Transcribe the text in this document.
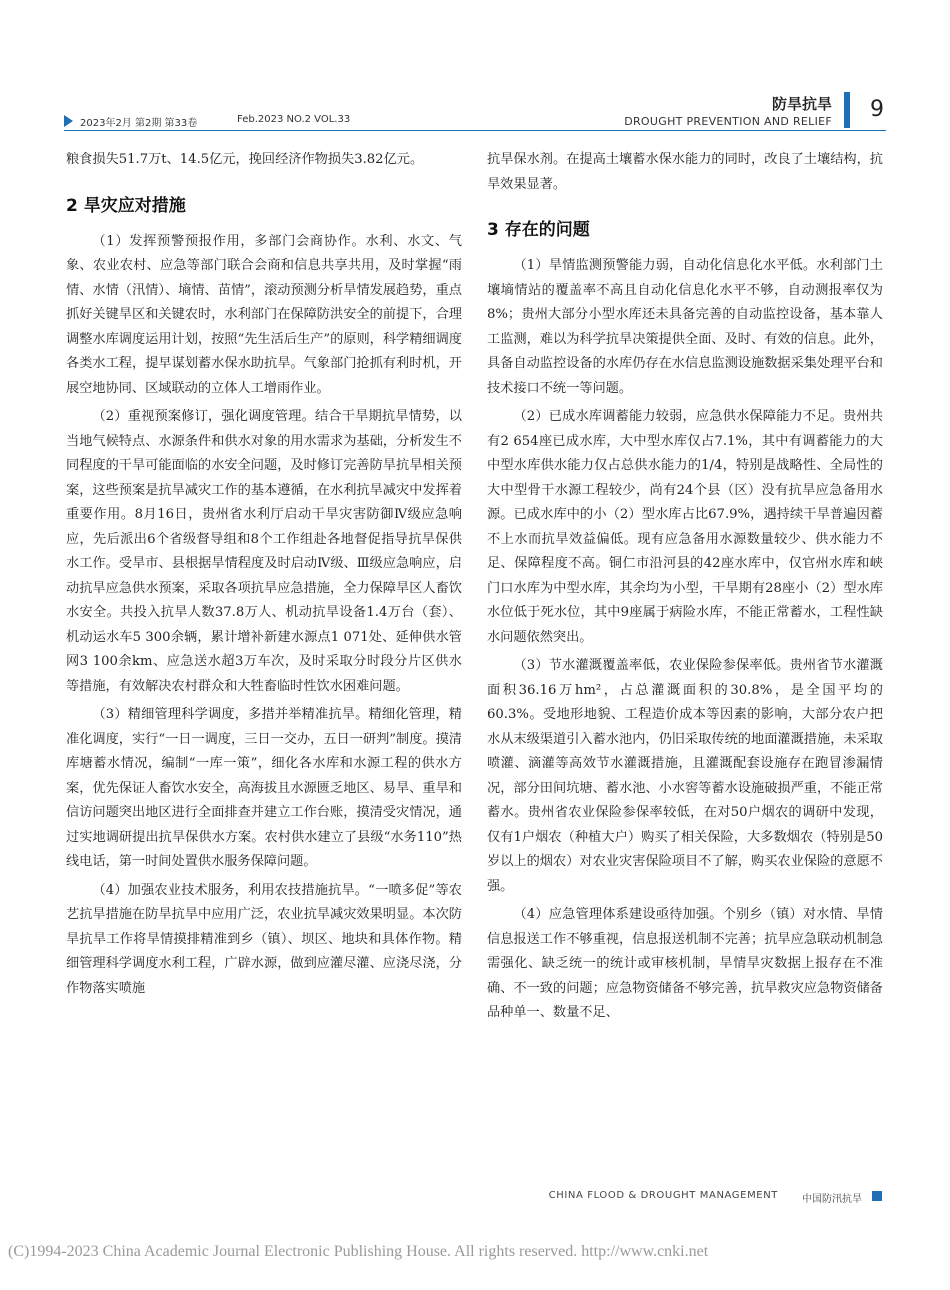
2023年2月 第2期 第33卷	Feb.2023 NO.2 VOL.33
防旱抗旱
DROUGHT PREVENTION AND RELIEF 9

粮食损失51.7万t、14.5亿元，挽回经济作物损失3.82亿元。

2 旱灾应对措施

（1）发挥预警预报作用，多部门会商协作。水利、水文、气象、农业农村、应急等部门联合会商和信息共享共用，及时掌握“雨情、水情（汛情）、墒情、苗情”，滚动预测分析旱情发展趋势，重点抓好关键旱区和关键农时，水利部门在保障防洪安全的前提下，合理调整水库调度运用计划，按照“先生活后生产”的原则，科学精细调度各类水工程，提早谋划蓄水保水助抗旱。气象部门抢抓有利时机，开展空地协同、区域联动的立体人工增雨作业。

（2）重视预案修订，强化调度管理。结合干旱期抗旱情势，以当地气候特点、水源条件和供水对象的用水需求为基础，分析发生不同程度的干旱可能面临的水安全问题，及时修订完善防旱抗旱相关预案，这些预案是抗旱减灾工作的基本遵循，在水利抗旱减灾中发挥着重要作用。8月16日，贵州省水利厅启动干旱灾害防御Ⅳ级应急响应，先后派出6个省级督导组和8个工作组赴各地督促指导抗旱保供水工作。受旱市、县根据旱情程度及时启动Ⅳ级、Ⅲ级应急响应，启动抗旱应急供水预案，采取各项抗旱应急措施，全力保障旱区人畜饮水安全。共投入抗旱人数37.8万人、机动抗旱设备1.4万台（套）、机动运水车5 300余辆，累计增补新建水源点1 071处、延伸供水管网3 100余km、应急送水超3万车次，及时采取分时段分片区供水等措施，有效解决农村群众和大牲畜临时性饮水困难问题。

（3）精细管理科学调度，多措并举精准抗旱。精细化管理，精准化调度，实行“一日一调度，三日一交办，五日一研判”制度。摸清库塘蓄水情况，编制“一库一策”，细化各水库和水源工程的供水方案，优先保证人畜饮水安全，高海拔且水源匮乏地区、易旱、重旱和信访问题突出地区进行全面排查并建立工作台账，摸清受灾情况，通过实地调研提出抗旱保供水方案。农村供水建立了县级“水务110”热线电话，第一时间处置供水服务保障问题。

（4）加强农业技术服务，利用农技措施抗旱。“一喷多促”等农艺抗旱措施在防旱抗旱中应用广泛，农业抗旱减灾效果明显。本次防旱抗旱工作将旱情摸排精准到乡（镇）、坝区、地块和具体作物。精细管理科学调度水利工程，广辟水源，做到应灌尽灌、应浇尽浇，分作物落实喷施

抗旱保水剂。在提高土壤蓄水保水能力的同时，改良了土壤结构，抗旱效果显著。

3 存在的问题

（1）旱情监测预警能力弱，自动化信息化水平低。水利部门土壤墒情站的覆盖率不高且自动化信息化水平不够，自动测报率仅为8%；贵州大部分小型水库还未具备完善的自动监控设备，基本靠人工监测，难以为科学抗旱决策提供全面、及时、有效的信息。此外，具备自动监控设备的水库仍存在水信息监测设施数据采集处理平台和技术接口不统一等问题。

（2）已成水库调蓄能力较弱，应急供水保障能力不足。贵州共有2 654座已成水库，大中型水库仅占7.1%，其中有调蓄能力的大中型水库供水能力仅占总供水能力的1/4，特别是战略性、全局性的大中型骨干水源工程较少，尚有24个县（区）没有抗旱应急备用水源。已成水库中的小（2）型水库占比67.9%，遇持续干旱普遍因蓄不上水而抗旱效益偏低。现有应急备用水源数量较少、供水能力不足、保障程度不高。铜仁市沿河县的42座水库中，仅官州水库和峡门口水库为中型水库，其余均为小型，干旱期有28座小（2）型水库水位低于死水位，其中9座属于病险水库，不能正常蓄水，工程性缺水问题依然突出。

（3）节水灌溉覆盖率低，农业保险参保率低。贵州省节水灌溉面积36.16万hm²，占总灌溉面积的30.8%，是全国平均的60.3%。受地形地貌、工程造价成本等因素的影响，大部分农户把水从末级渠道引入蓄水池内，仍旧采取传统的地面灌溉措施，未采取喷灌、滴灌等高效节水灌溉措施，且灌溉配套设施存在跑冒渗漏情况，部分田间坑塘、蓄水池、小水窖等蓄水设施破损严重，不能正常蓄水。贵州省农业保险参保率较低，在对50户烟农的调研中发现，仅有1户烟农（种植大户）购买了相关保险，大多数烟农（特别是50岁以上的烟农）对农业灾害保险项目不了解，购买农业保险的意愿不强。

（4）应急管理体系建设亟待加强。个别乡（镇）对水情、旱情信息报送工作不够重视，信息报送机制不完善；抗旱应急联动机制急需强化、缺乏统一的统计或审核机制，旱情旱灾数据上报存在不准确、不一致的问题；应急物资储备不够完善，抗旱救灾应急物资储备品种单一、数量不足、

CHINA FLOOD & DROUGHT MANAGEMENT 中国防汛抗旱
(C)1994-2023 China Academic Journal Electronic Publishing House. All rights reserved. http://www.cnki.net
